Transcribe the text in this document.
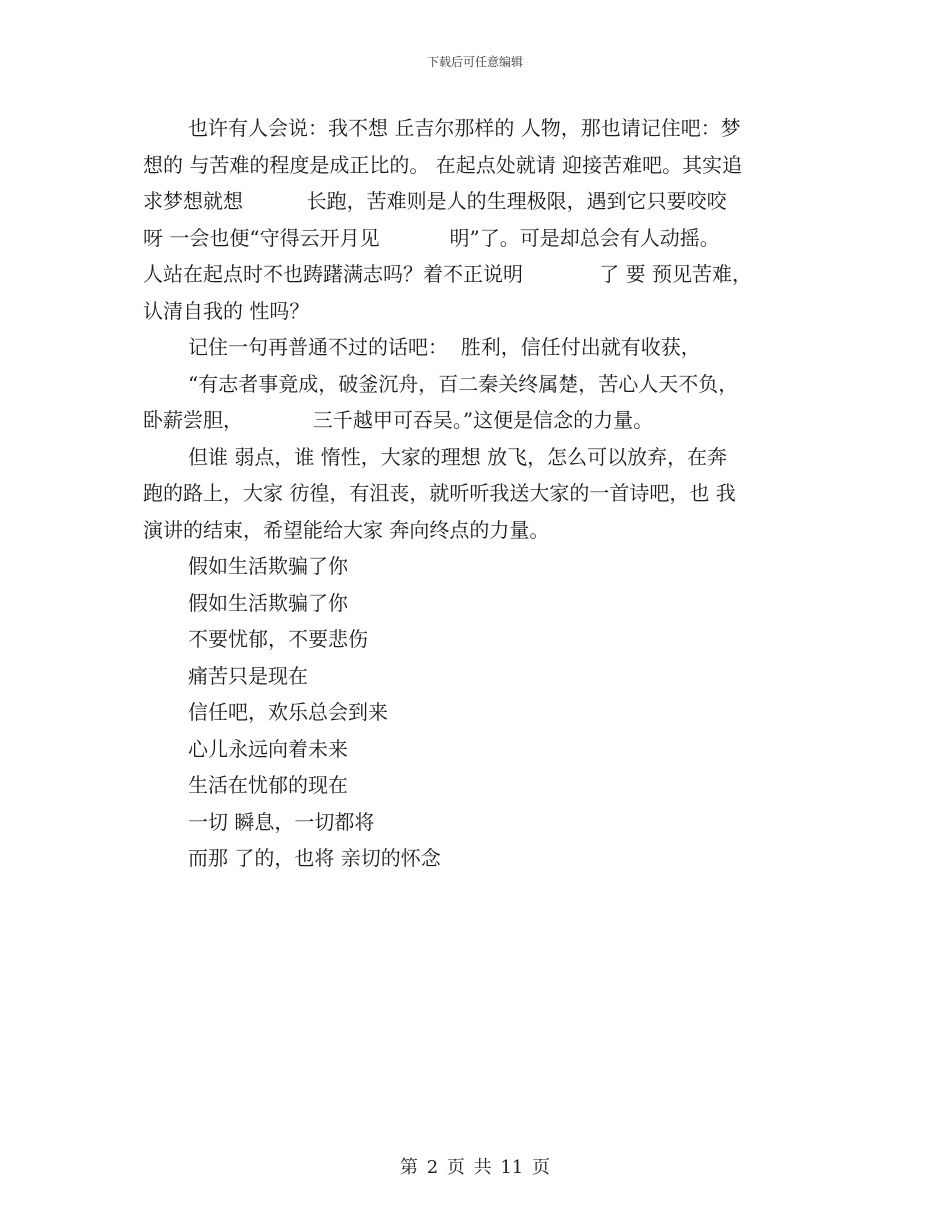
下载后可任意编辑
也许有人会说：我不想 丘吉尔那样的 人物，那也请记住吧：梦
想的 与苦难的程度是成正比的。 在起点处就请 迎接苦难吧。其实追
求梦想就想          长跑，苦难则是人的生理极限，遇到它只要咬咬
呀 一会也便“守得云开月见           明”了。可是却总会有人动摇。
人站在起点时不也踌躇满志吗？着不正说明            了 要 预见苦难，
认清自我的 性吗？
记住一句再普通不过的话吧：  胜利，信任付出就有收获，
“有志者事竟成，破釜沉舟，百二秦关终属楚，苦心人天不负，
卧薪尝胆，           三千越甲可吞吴。”这便是信念的力量。
但谁 弱点，谁 惰性，大家的理想 放飞，怎么可以放弃，在奔
跑的路上，大家 彷徨，有沮丧，就听听我送大家的一首诗吧，也 我
演讲的结束，希望能给大家 奔向终点的力量。
假如生活欺骗了你
假如生活欺骗了你
不要忧郁，不要悲伤
痛苦只是现在
信任吧，欢乐总会到来
心儿永远向着未来
生活在忧郁的现在
一切 瞬息，一切都将
而那 了的，也将 亲切的怀念
第 2 页 共 11 页
